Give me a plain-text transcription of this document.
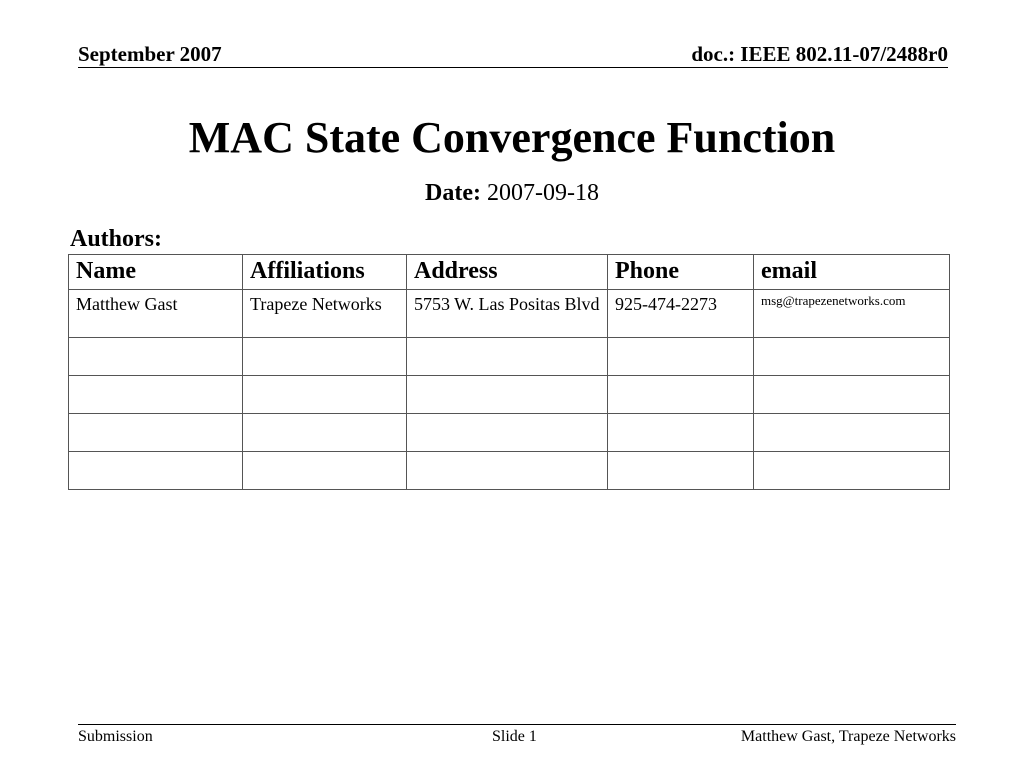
September 2007	doc.: IEEE 802.11-07/2488r0
MAC State Convergence Function
Date: 2007-09-18
Authors:
Name	Affiliations	Address	Phone	email
Matthew Gast	Trapeze Networks	5753 W. Las Positas Blvd	925-474-2273	msg@trapezenetworks.com

Submission	Slide 1	Matthew Gast, Trapeze Networks
